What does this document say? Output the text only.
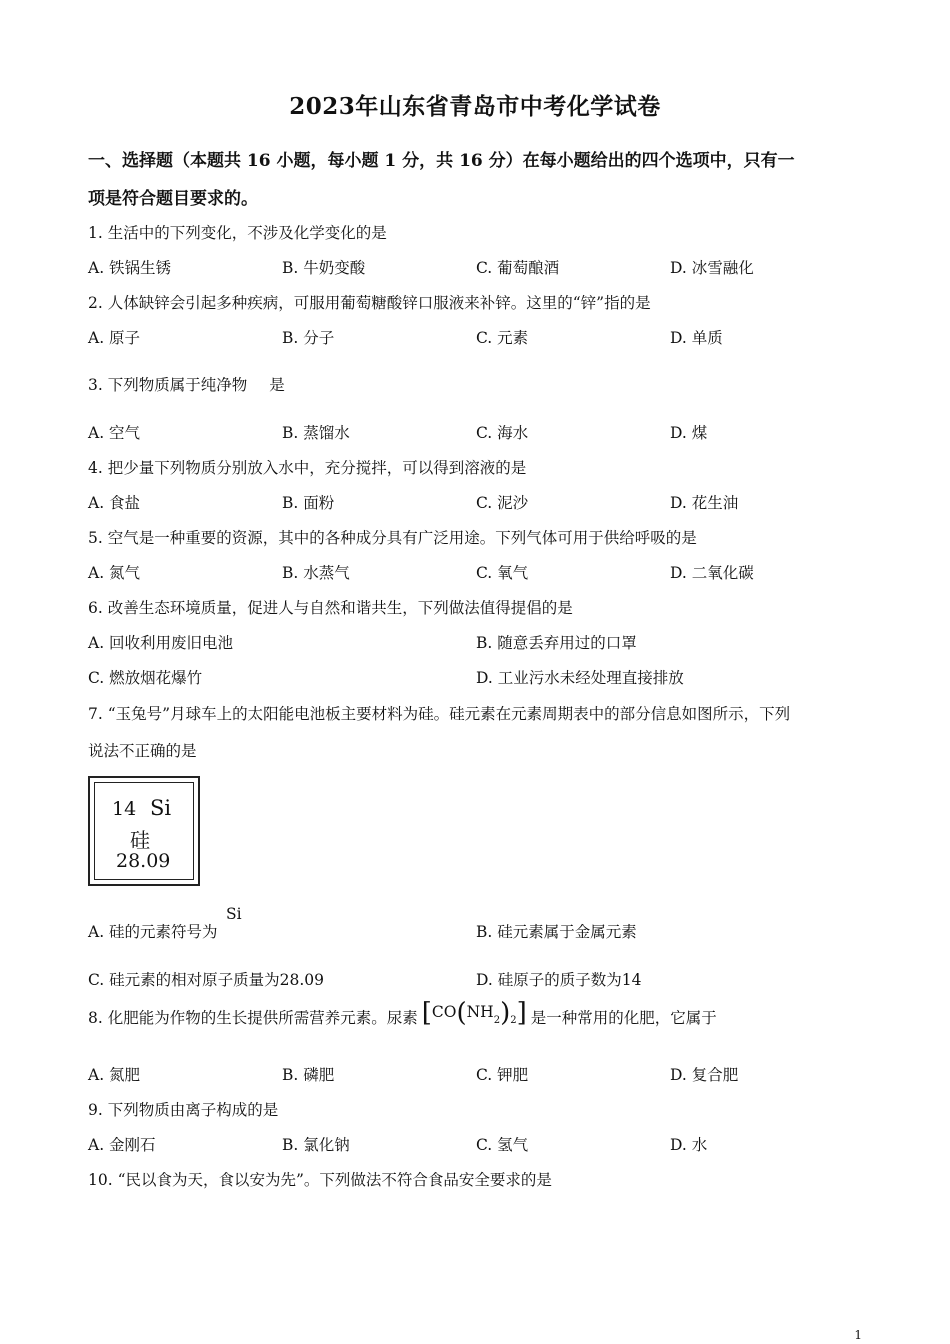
2023年山东省青岛市中考化学试卷
一、选择题（本题共 16 小题，每小题 1 分，共 16 分）在每小题给出的四个选项中，只有一
项是符合题目要求的。
1. 生活中的下列变化，不涉及化学变化的是
A. 铁锅生锈	B. 牛奶变酸	C. 葡萄酿酒	D. 冰雪融化
2. 人体缺锌会引起多种疾病，可服用葡萄糖酸锌口服液来补锌。这里的“锌”指的是
A. 原子	B. 分子	C. 元素	D. 单质
3. 下列物质属于纯净物 是
A. 空气	B. 蒸馏水	C. 海水	D. 煤
4. 把少量下列物质分别放入水中，充分搅拌，可以得到溶液的是
A. 食盐	B. 面粉	C. 泥沙	D. 花生油
5. 空气是一种重要的资源，其中的各种成分具有广泛用途。下列气体可用于供给呼吸的是
A. 氮气	B. 水蒸气	C. 氧气	D. 二氧化碳
6. 改善生态环境质量，促进人与自然和谐共生，下列做法值得提倡的是
A. 回收利用废旧电池	B. 随意丢弃用过的口罩
C. 燃放烟花爆竹	D. 工业污水未经处理直接排放
7. “玉兔号”月球车上的太阳能电池板主要材料为硅。硅元素在元素周期表中的部分信息如图所示，下列
说法不正确的是
14 Si
硅
28.09
Si
A. 硅的元素符号为	B. 硅元素属于金属元素
C. 硅元素的相对原子质量为28.09	D. 硅原子的质子数为14
8. 化肥能为作物的生长提供所需营养元素。尿素 $[CO(NH_2)_2]$ 是一种常用的化肥，它属于
A. 氮肥	B. 磷肥	C. 钾肥	D. 复合肥
9. 下列物质由离子构成的是
A. 金刚石	B. 氯化钠	C. 氢气	D. 水
10. “民以食为天，食以安为先”。下列做法不符合食品安全要求的是
1
